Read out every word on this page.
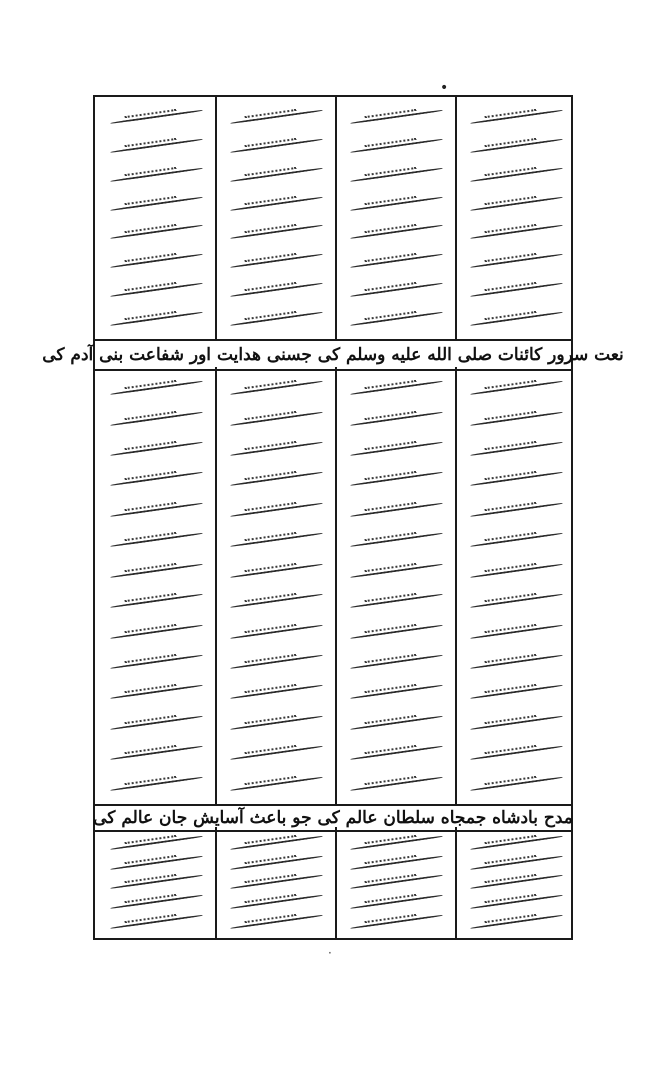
•
نعت سرور کائنات صلی الله علیه وسلم کی جسنی هدایت اور شفاعت بنی آدم کی
مدح بادشاه جمجاه سلطان عالم کی جو باعث آسایش جان عالم کی
·
